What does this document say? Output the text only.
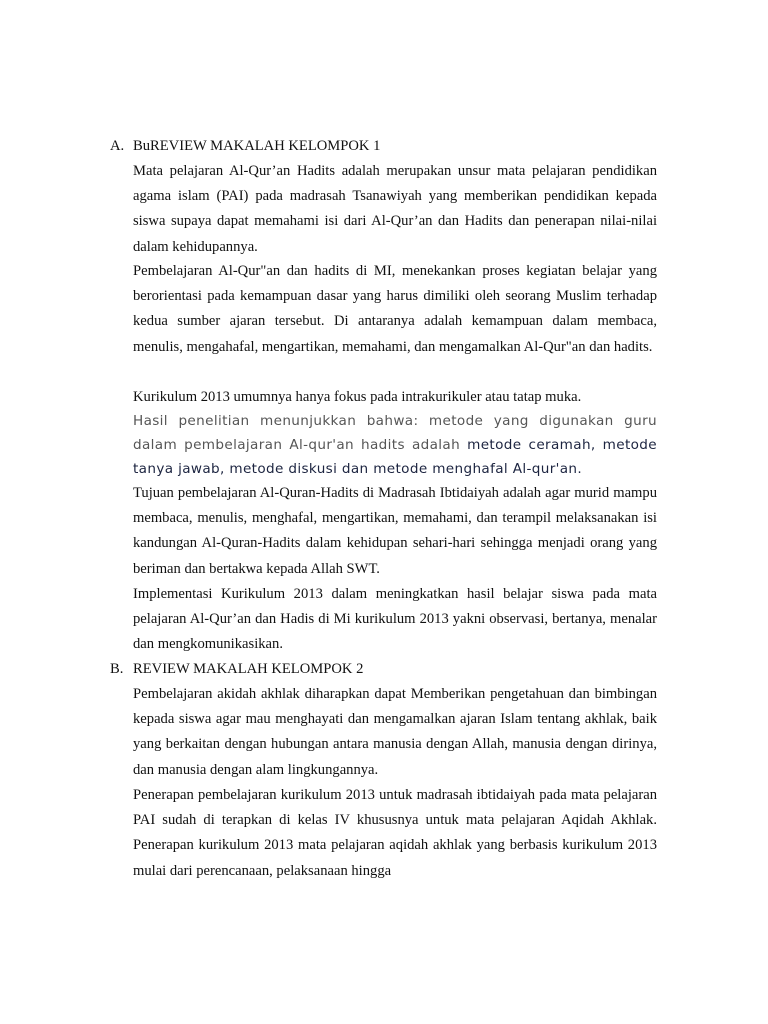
A. BuREVIEW MAKALAH KELOMPOK 1

Mata pelajaran Al-Qur’an Hadits adalah merupakan unsur mata pelajaran pendidikan agama islam (PAI) pada madrasah Tsanawiyah yang memberikan pendidikan kepada siswa supaya dapat memahami isi dari Al-Qur’an dan Hadits dan penerapan nilai-nilai dalam kehidupannya.

Pembelajaran Al-Qur"an dan hadits di MI, menekankan proses kegiatan belajar yang berorientasi pada kemampuan dasar yang harus dimiliki oleh seorang Muslim terhadap kedua sumber ajaran tersebut. Di antaranya adalah kemampuan dalam membaca, menulis, mengahafal, mengartikan, memahami, dan mengamalkan Al-Qur"an dan hadits.

Kurikulum 2013 umumnya hanya fokus pada intrakurikuler atau tatap muka.

Hasil penelitian menunjukkan bahwa: metode yang digunakan guru dalam pembelajaran Al-qur'an hadits adalah metode ceramah, metode tanya jawab, metode diskusi dan metode menghafal Al-qur'an.

Tujuan pembelajaran Al-Quran-Hadits di Madrasah Ibtidaiyah adalah agar murid mampu membaca, menulis, menghafal, mengartikan, memahami, dan terampil melaksanakan isi kandungan Al-Quran-Hadits dalam kehidupan sehari-hari sehingga menjadi orang yang beriman dan bertakwa kepada Allah SWT.

Implementasi Kurikulum 2013 dalam meningkatkan hasil belajar siswa pada mata pelajaran Al-Qur’an dan Hadis di Mi kurikulum 2013 yakni observasi, bertanya, menalar dan mengkomunikasikan.

B. REVIEW MAKALAH KELOMPOK 2

Pembelajaran akidah akhlak diharapkan dapat Memberikan pengetahuan dan bimbingan kepada siswa agar mau menghayati dan mengamalkan ajaran Islam tentang akhlak, baik yang berkaitan dengan hubungan antara manusia dengan Allah, manusia dengan dirinya, dan manusia dengan alam lingkungannya.

Penerapan pembelajaran kurikulum 2013 untuk madrasah ibtidaiyah pada mata pelajaran PAI sudah di terapkan di kelas IV khususnya untuk mata pelajaran Aqidah Akhlak. Penerapan kurikulum 2013 mata pelajaran aqidah akhlak yang berbasis kurikulum 2013 mulai dari perencanaan, pelaksanaan hingga
